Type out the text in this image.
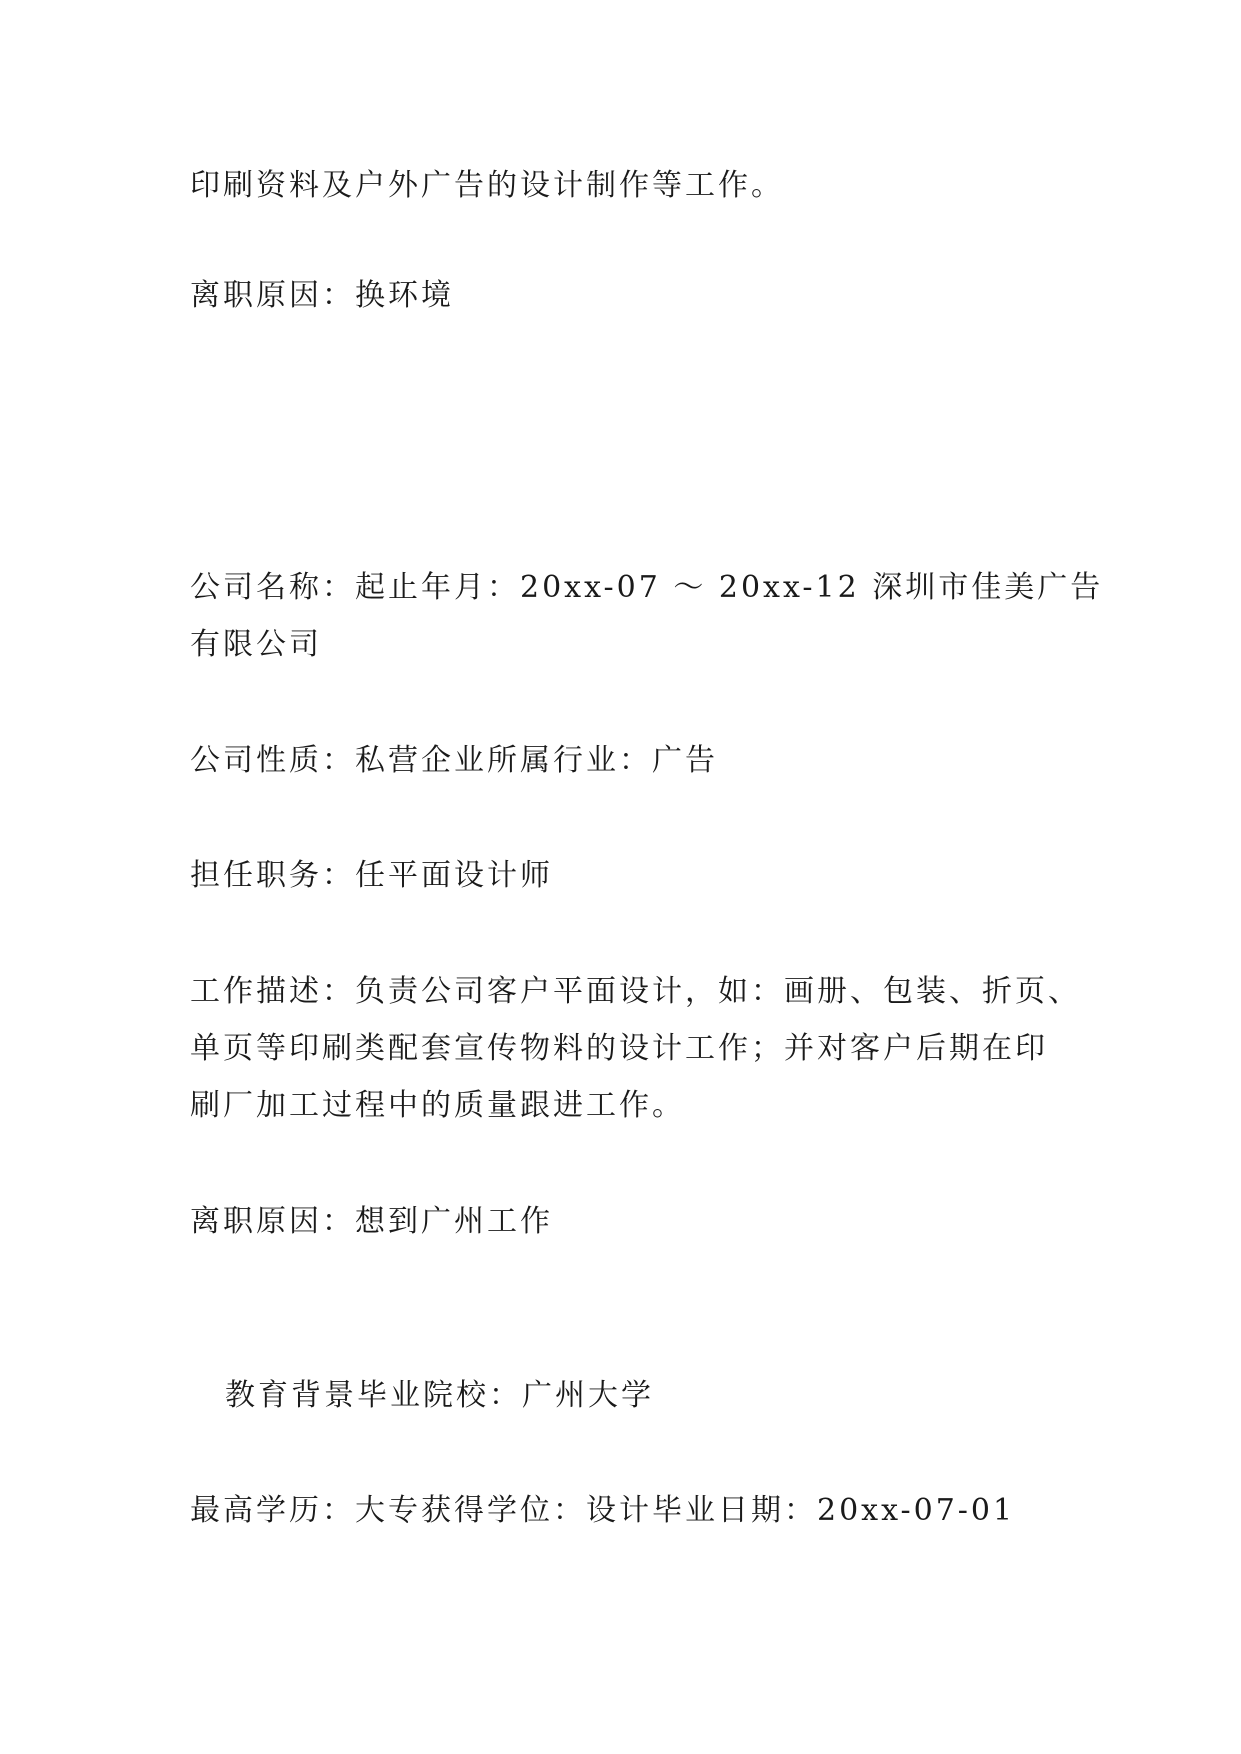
印刷资料及户外广告的设计制作等工作。
离职原因：换环境
公司名称：起止年月：20xx-07 ～ 20xx-12 深圳市佳美广告
有限公司
公司性质：私营企业所属行业：广告
担任职务：任平面设计师
工作描述：负责公司客户平面设计，如：画册、包装、折页、
单页等印刷类配套宣传物料的设计工作；并对客户后期在印
刷厂加工过程中的质量跟进工作。
离职原因：想到广州工作
教育背景毕业院校：广州大学
最高学历：大专获得学位：设计毕业日期：20xx-07-01
